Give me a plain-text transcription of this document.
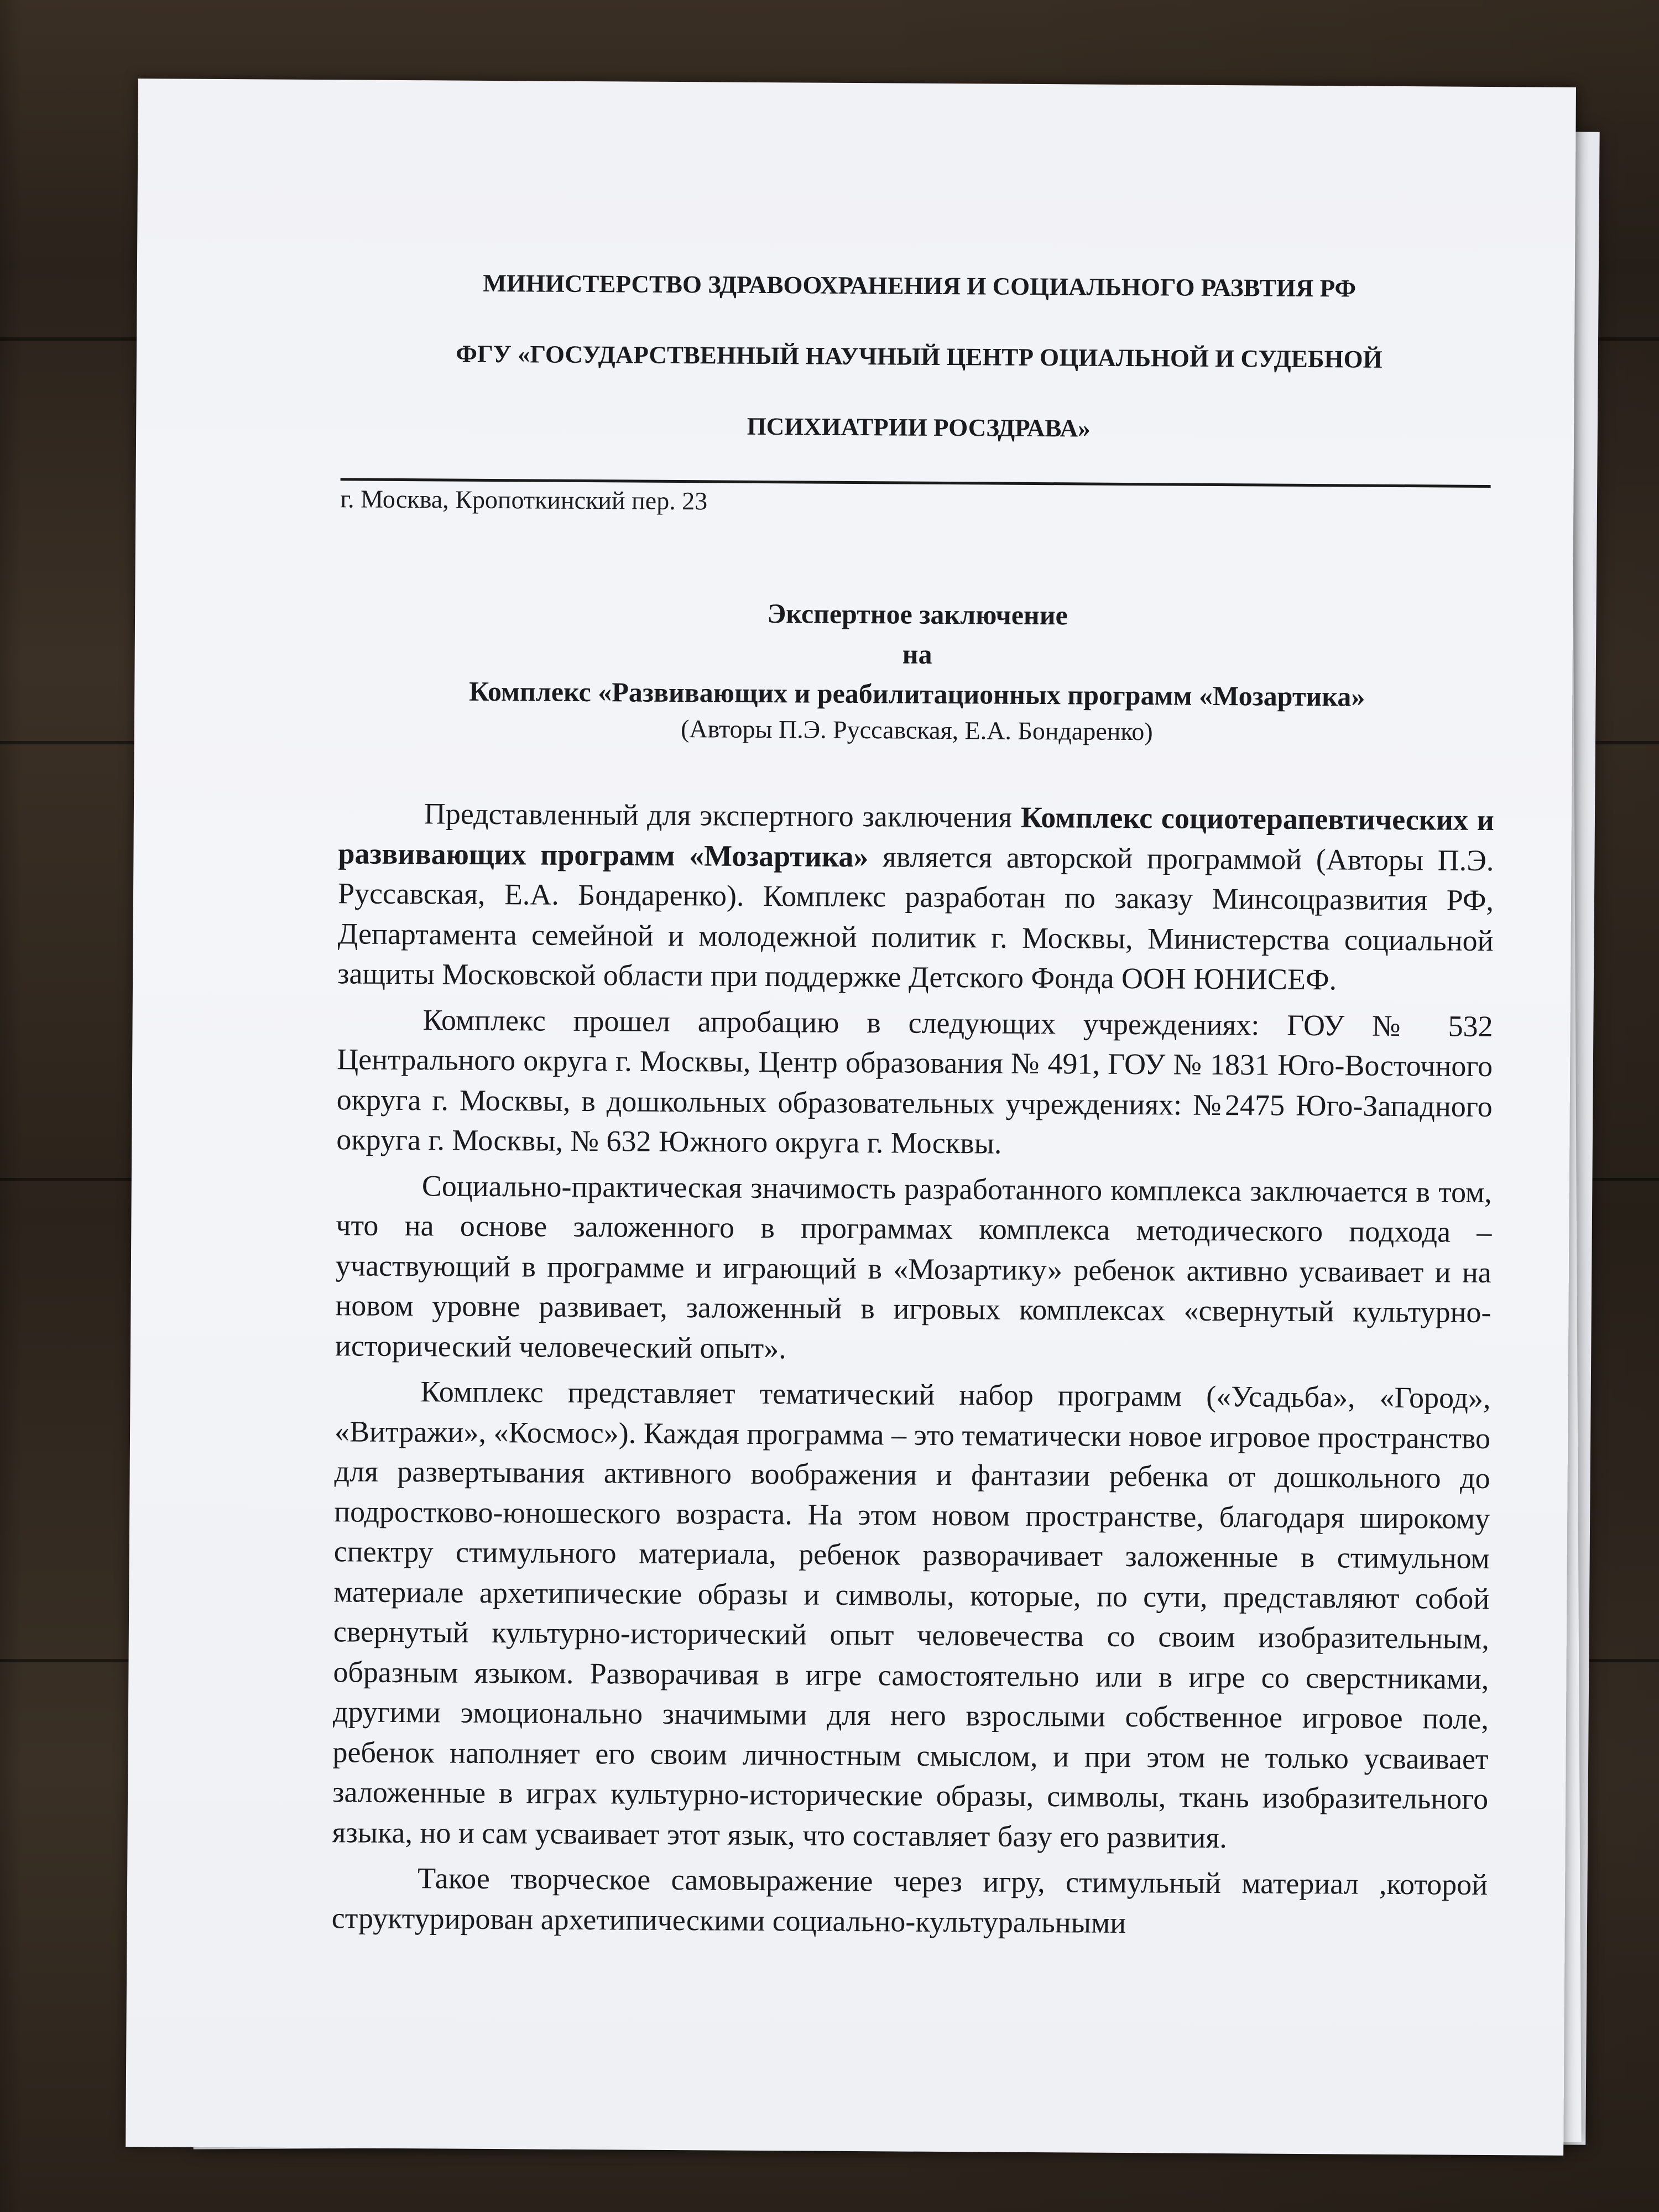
МИНИСТЕРСТВО ЗДРАВООХРАНЕНИЯ И СОЦИАЛЬНОГО РАЗВТИЯ РФ

ФГУ «ГОСУДАРСТВЕННЫЙ НАУЧНЫЙ ЦЕНТР ОЦИАЛЬНОЙ И СУДЕБНОЙ

ПСИХИАТРИИ РОСЗДРАВА»

г. Москва, Кропоткинский пер. 23
Экспертное заключение
на
Комплекс «Развивающих и реабилитационных программ «Мозартика»
(Авторы П.Э. Руссавская, Е.А. Бондаренко)

Представленный для экспертного заключения Комплекс социотерапевтических и развивающих программ «Мозартика» является авторской программой (Авторы П.Э. Руссавская, Е.А. Бондаренко). Комплекс разработан по заказу Минсоцразвития РФ, Департамента семейной и молодежной политик г. Москвы, Министерства социальной защиты Московской области при поддержке Детского Фонда ООН ЮНИСЕФ.

Комплекс прошел апробацию в следующих учреждениях: ГОУ № 532 Центрального округа г. Москвы, Центр образования № 491, ГОУ № 1831 Юго-Восточного округа г. Москвы, в дошкольных образовательных учреждениях: №2475 Юго-Западного округа г. Москвы, № 632 Южного округа г. Москвы.

Социально-практическая значимость разработанного комплекса заключается в том, что на основе заложенного в программах комплекса методического подхода – участвующий в программе и играющий в «Мозартику» ребенок активно усваивает и на новом уровне развивает, заложенный в игровых комплексах «свернутый культурно-исторический человеческий опыт».

Комплекс представляет тематический набор программ («Усадьба», «Город», «Витражи», «Космос»). Каждая программа – это тематически новое игровое пространство для развертывания активного воображения и фантазии ребенка от дошкольного до подростково-юношеского возраста. На этом новом пространстве, благодаря широкому спектру стимульного материала, ребенок разворачивает заложенные в стимульном материале архетипические образы и символы, которые, по сути, представляют собой свернутый культурно-исторический опыт человечества со своим изобразительным, образным языком. Разворачивая в игре самостоятельно или в игре со сверстниками, другими эмоционально значимыми для него взрослыми собственное игровое поле, ребенок наполняет его своим личностным смыслом, и при этом не только усваивает заложенные в играх культурно-исторические образы, символы, ткань изобразительного языка, но и сам усваивает этот язык, что составляет базу его развития.

Такое творческое самовыражение через игру, стимульный материал ,которой структурирован архетипическими социально-культуральными
